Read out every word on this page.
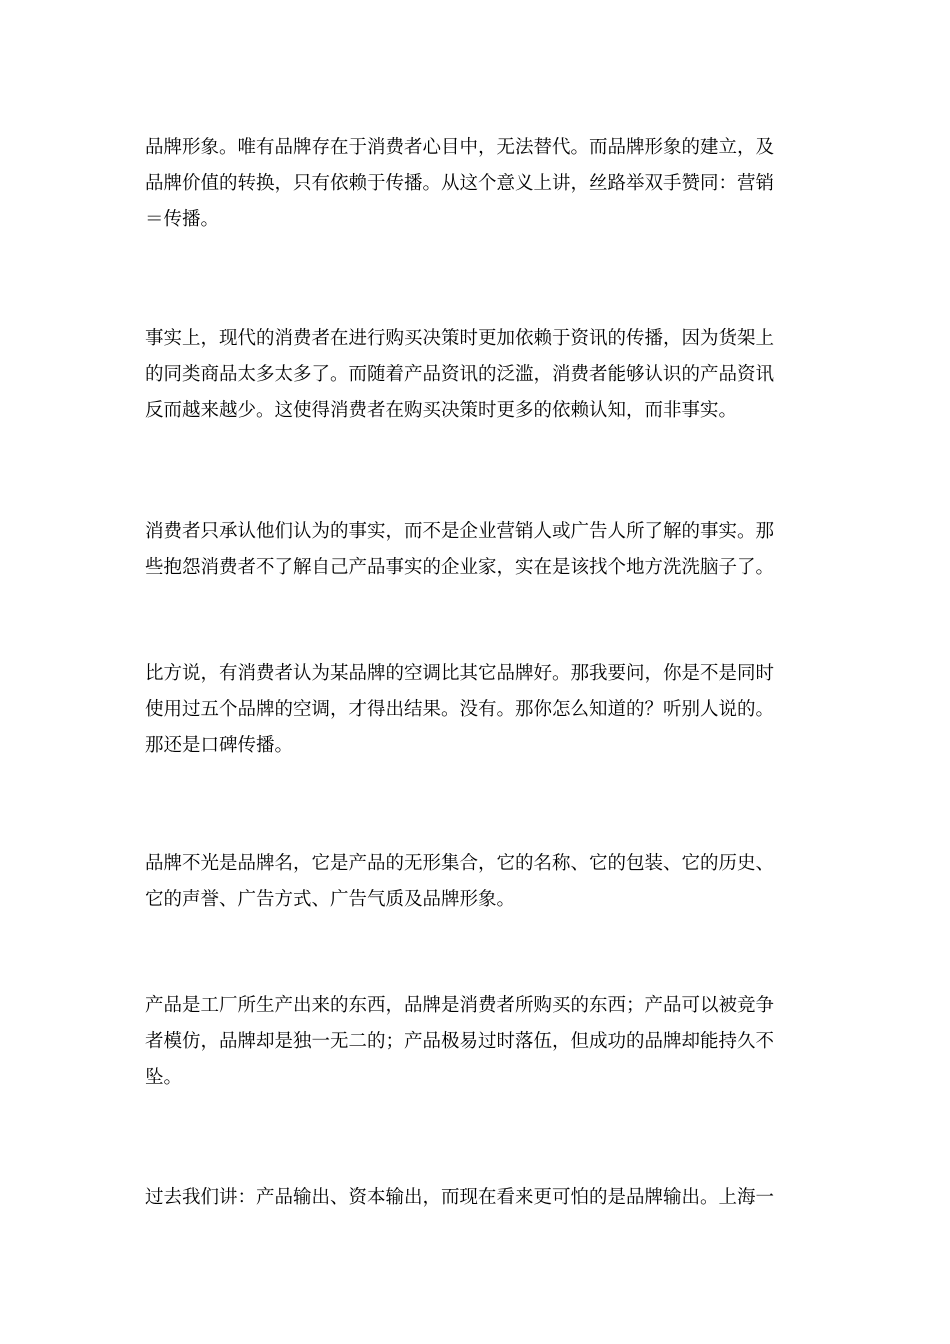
品牌形象。唯有品牌存在于消费者心目中，无法替代。而品牌形象的建立，及
品牌价值的转换，只有依赖于传播。从这个意义上讲，丝路举双手赞同：营销
＝传播。

事实上，现代的消费者在进行购买决策时更加依赖于资讯的传播，因为货架上
的同类商品太多太多了。而随着产品资讯的泛滥，消费者能够认识的产品资讯
反而越来越少。这使得消费者在购买决策时更多的依赖认知，而非事实。

消费者只承认他们认为的事实，而不是企业营销人或广告人所了解的事实。那
些抱怨消费者不了解自己产品事实的企业家，实在是该找个地方洗洗脑子了。

比方说，有消费者认为某品牌的空调比其它品牌好。那我要问，你是不是同时
使用过五个品牌的空调，才得出结果。没有。那你怎么知道的？听别人说的。
那还是口碑传播。

品牌不光是品牌名，它是产品的无形集合，它的名称、它的包装、它的历史、
它的声誉、广告方式、广告气质及品牌形象。

产品是工厂所生产出来的东西，品牌是消费者所购买的东西；产品可以被竞争
者模仿，品牌却是独一无二的；产品极易过时落伍，但成功的品牌却能持久不
坠。

过去我们讲：产品输出、资本输出，而现在看来更可怕的是品牌输出。上海一
